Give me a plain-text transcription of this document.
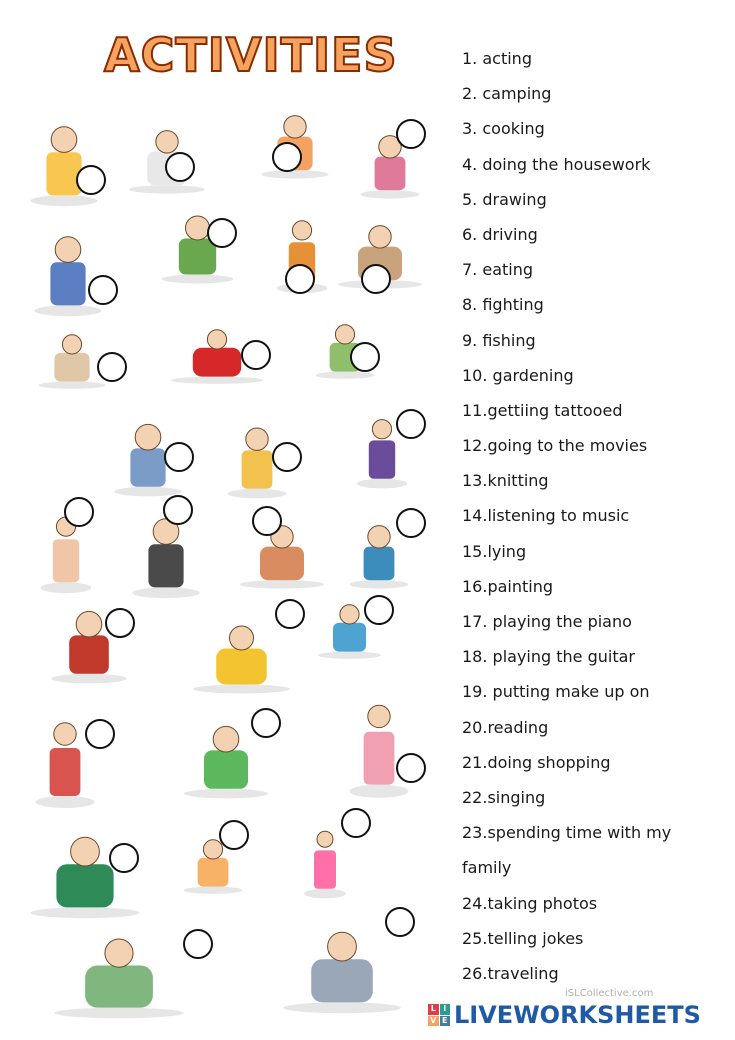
ACTIVITIES	1. acting
2. camping
3. cooking
4. doing the housework
5. drawing
6. driving
7. eating
8. fighting
9. fishing
10. gardening
11.gettiing tattooed
12.going to the movies
13.knitting
14.listening to music
15.lying
16.painting
17. playing the piano
18. playing the guitar
19. putting make up on
20.reading
21.doing shopping
22.singing
23.spending time with my
family
24.taking photos
25.telling jokes
26.traveling
iSLCollective.com
L I
V E LIVEWORKSHEETS
